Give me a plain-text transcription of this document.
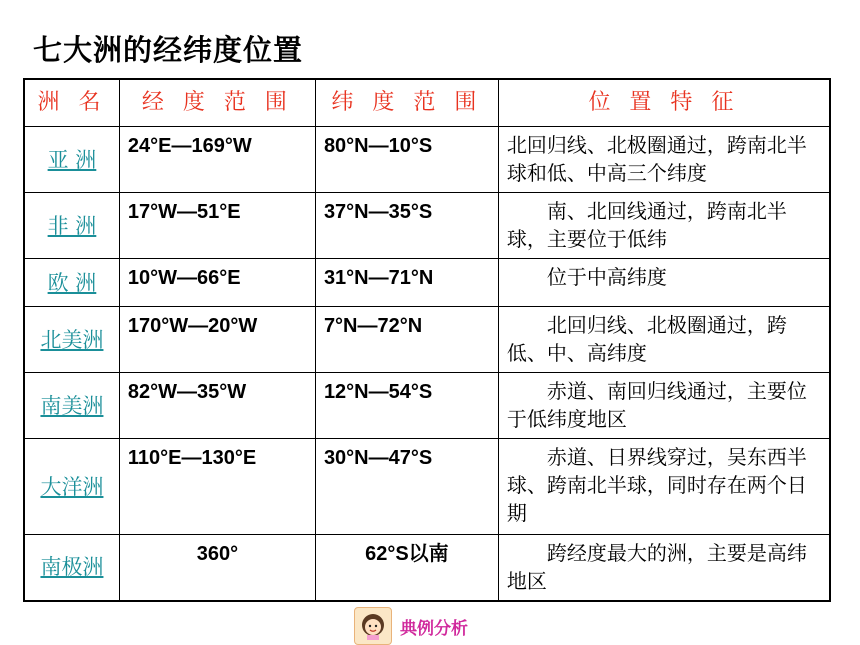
七大洲的经纬度位置
洲 名	经 度 范 围	纬 度 范 围	位 置 特 征
亚 洲	24°E—169°W	80°N—10°S	北回归线、北极圈通过，跨南北半球和低、中高三个纬度
非 洲	17°W—51°E	37°N—35°S	南、北回线通过，跨南北半球，主要位于低纬
欧 洲	10°W—66°E	31°N—71°N	位于中高纬度
北美洲	170°W—20°W	7°N—72°N	北回归线、北极圈通过，跨低、中、高纬度
南美洲	82°W—35°W	12°N—54°S	赤道、南回归线通过，主要位于低纬度地区
大洋洲	110°E—130°E	30°N—47°S	赤道、日界线穿过，吴东西半球、跨南北半球，同时存在两个日期
南极洲	360°	62°S以南	跨经度最大的洲，主要是高纬地区
典例分析
